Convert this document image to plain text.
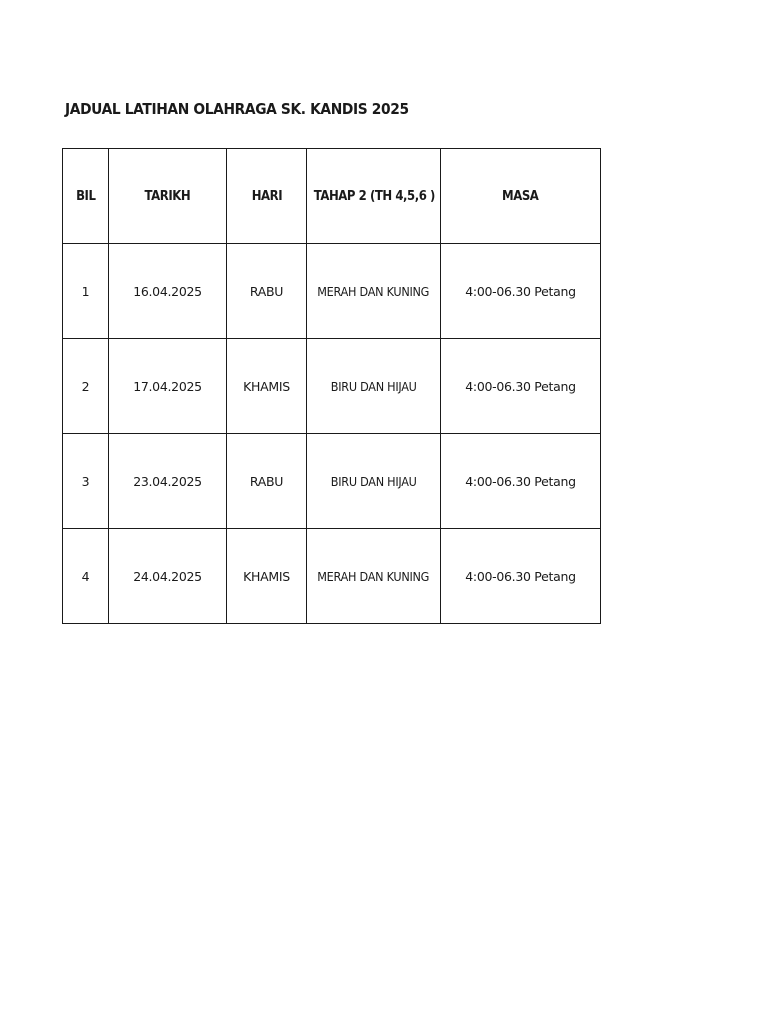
JADUAL LATIHAN OLAHRAGA SK. KANDIS 2025
BIL	TARIKH	HARI	TAHAP 2 (TH 4,5,6 )	MASA
1	16.04.2025	RABU	MERAH DAN KUNING	4:00-06.30 Petang
2	17.04.2025	KHAMIS	BIRU DAN HIJAU	4:00-06.30 Petang
3	23.04.2025	RABU	BIRU DAN HIJAU	4:00-06.30 Petang
4	24.04.2025	KHAMIS	MERAH DAN KUNING	4:00-06.30 Petang
